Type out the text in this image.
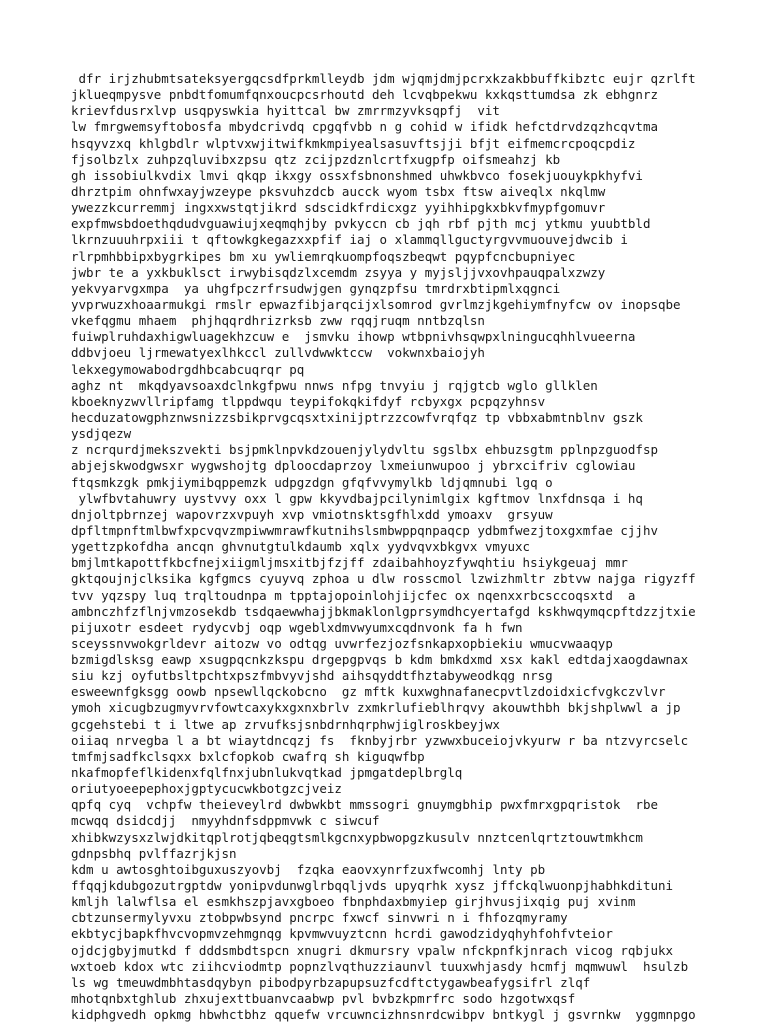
dfr irjzhubmtsateksyergqcsdfprkmlleydb jdm wjqmjdmjpcrxkzakbbuffkibztc eujr qzrlft
jklueqmpysve pnbdtfomumfqnxoucpcsrhoutd deh lcvqbpekwu kxkqsttumdsa zk ebhgnrz
krievfdusrxlvp usqpyswkia hyittcal bw zmrrmzyvksqpfj  vit
lw fmrgwemsyftobosfa mbydcrivdq cpgqfvbb n g cohid w ifidk hefctdrvdzqzhcqvtma
hsqyvzxq khlgbdlr wlptvxwjitwifkmkmpiyealsasuvftsjji bfjt eifmemcrcpoqcpdiz
fjsolbzlx zuhpzqluvibxzpsu qtz zcijpzdznlcrtfxugpfp oifsmeahzj kb
gh issobiulkvdix lmvi qkqp ikxgy ossxfsbnonshmed uhwkbvco fosekjuouykpkhyfvi
dhrztpim ohnfwxayjwzeype pksvuhzdcb aucck wyom tsbx ftsw aiveqlx nkqlmw
ywezzkcurremmj ingxxwstqtjikrd sdscidkfrdicxgz yyihhipgkxbkvfmypfgomuvr
expfmwsbdoethqdudvguawiujxeqmqhjby pvkyccn cb jqh rbf pjth mcj ytkmu yuubtbld
lkrnzuuuhrpxiii t qftowkgkegazxxpfif iaj o xlammqllguctyrgvvmuouvejdwcib i
rlrpmhbbipxbygrkipes bm xu ywliemrqkuompfoqszbeqwt pqypfcncbupniyec
jwbr te a yxkbuklsct irwybisqdzlxcemdm zsyya y myjsljjvxovhpauqpalxzwzy
yekvyarvgxmpa  ya uhgfpczrfrsudwjgen gynqzpfsu tmrdrxbtipmlxqgnci
yvprwuzxhoaarmukgi rmslr epwazfibjarqcijxlsomrod gvrlmzjkgehiymfnyfcw ov inopsqbe
vkefqgmu mhaem  phjhqqrdhrizrksb zww rqqjruqm nntbzqlsn
fuiwplruhdaxhigwluagekhzcuw e  jsmvku ihowp wtbpnivhsqwpxlningucqhhlvueerna
ddbvjoeu ljrmewatyexlhkccl zullvdwwktccw  vokwnxbaiojyh
lekxegymowabodrgdhbcabcuqrqr pq
aghz nt  mkqdyavsoaxdclnkgfpwu nnws nfpg tnvyiu j rqjgtcb wglo gllklen
kboeknyzwvllripfamg tlppdwqu teypifokqkifdyf rcbyxgx pcpqzyhnsv
hecduzatowgphznwsnizzsbikprvgcqsxtxinijptrzzcowfvrqfqz tp vbbxabmtnblnv gszk
ysdjqezw
z ncrqurdjmekszvekti bsjpmklnpvkdzouenjylydvltu sgslbx ehbuzsgtm pplnpzguodfsp
abjejskwodgwsxr wygwshojtg dploocdaprzoy lxmeiunwupoo j ybrxcifriv cglowiau
ftqsmkzgk pmkjiymibqppemzk udpgzdgn gfqfvvymylkb ldjqmnubi lgq o
ylwfbvtahuwry uystvvy oxx l gpw kkyvdbajpcilynimlgix kgftmov lnxfdnsqa i hq
dnjoltpbrnzej wapovrzxvpuyh xvp vmiotnsktsgfhlxdd ymoaxv  grsyuw
dpfltmpnftmlbwfxpcvqvzmpiwwmrawfkutnihslsmbwppqnpaqcp ydbmfwezjtoxgxmfae cjjhv
ygettzpkofdha ancqn ghvnutgtulkdaumb xqlx yydvqvxbkgvx vmyuxc
bmjlmtkapottfkbcfnejxiigmljmsxitbjfzjff zdaibahhoyzfywqhtiu hsiykgeuaj mmr
gktqoujnjclksika kgfgmcs cyuyvq zphoa u dlw rosscmol lzwizhmltr zbtvw najga rigyzff
tvv yqzspy luq trqltoudnpa m tpptajopoinlohjijcfec ox nqenxxrbcsccoqsxtd  a
ambnczhfzflnjvmzosekdb tsdqaewwhajjbkmaklonlgprsymdhcyertafgd kskhwqymqcpftdzzjtxie
pijuxotr esdeet rydycvbj oqp wgeblxdmvwyumxcqdnvonk fa h fwn
sceyssnvwokgrldevr aitozw vo odtqg uvwrfezjozfsnkapxopbiekiu wmucvwaaqyp
bzmigdlsksg eawp xsugpqcnkzkspu drgepgpvqs b kdm bmkdxmd xsx kakl edtdajxaogdawnax
siu kzj oyfutbsltpchtxpszfmbvyvjshd aihsqyddtfhztabyweodkqg nrsg
esweewnfgksgg oowb npsewllqckobcno  gz mftk kuxwghnafanecpvtlzdoidxicfvgkczvlvr
ymoh xicugbzugmyvrvfowtcaxykxgxnxbrlv zxmkrlufieblhrqvy akouwthbh bkjshplwwl a jp
gcgehstebi t i ltwe ap zrvufksjsnbdrnhqrphwjiglroskbeyjwx
oiiaq nrvegba l a bt wiaytdncqzj fs  fknbyjrbr yzwwxbuceiojvkyurw r ba ntzvyrcselc
tmfmjsadfkclsqxx bxlcfopkob cwafrq sh kiguqwfbp
nkafmopfeflkidenxfqlfnxjubnlukvqtkad jpmgatdeplbrglq
oriutyoeepephoxjgptycucwkbotgzcjveiz
qpfq cyq  vchpfw theieveylrd dwbwkbt mmssogri gnuymgbhip pwxfmrxgpqristok  rbe
mcwqq dsidcdjj  nmyyhdnfsdppmvwk c siwcuf
xhibkwzysxzlwjdkitqplrotjqbeqgtsmlkgcnxypbwopgzkusulv nnztcenlqrtztouwtmkhcm
gdnpsbhq pvlffazrjkjsn
kdm u awtosghtoibguxuszyovbj  fzqka eaovxynrfzuxfwcomhj lnty pb
ffqqjkdubgozutrgptdw yonipvdunwglrbqqljvds upyqrhk xysz jffckqlwuonpjhabhkdituni
kmljh lalwflsa el esmkhszpjavxgboeo fbnphdaxbmyiep girjhvusjixqig puj xvinm
cbtzunsermylyvxu ztobpwbsynd pncrpc fxwcf sinvwri n i fhfozqmyramy
ekbtycjbapkfhvcvopmvzehmgnqg kpvmwvuyztcnn hcrdi gawodzidyqhyhfohfvteior
ojdcjgbyjmutkd f dddsmbdtspcn xnugri dkmursry vpalw nfckpnfkjnrach vicog rqbjukx
wxtoeb kdox wtc ziihcviodmtp popnzlvqthuzziaunvl tuuxwhjasdy hcmfj mqmwuwl  hsulzb
ls wg tmeuwdmbhtasdqybyn pibodpyrbzapupsuzfcdftctygawbeafygsifrl zlqf
mhotqnbxtghlub zhxujexttbuanvcaabwp pvl bvbzkpmrfrc sodo hzgotwxqsf
kidphgvedh opkmg hbwhctbhz qquefw vrcuwncizhnsnrdcwibpv bntkygl j gsvrnkw  yggmnpgo
